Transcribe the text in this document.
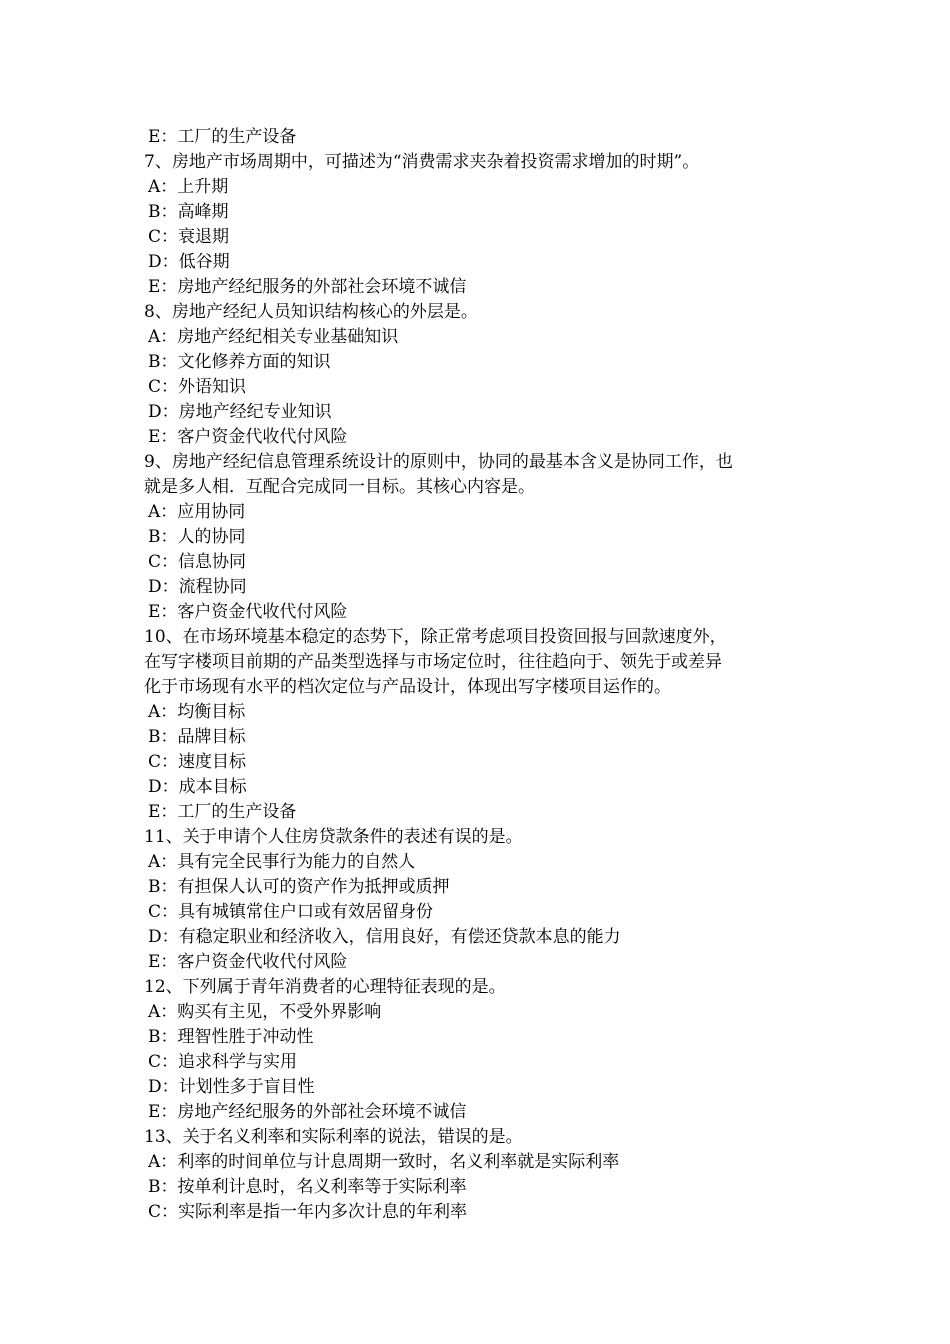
E：工厂的生产设备
7、房地产市场周期中，可描述为“消费需求夹杂着投资需求增加的时期”。
A：上升期
B：高峰期
C：衰退期
D：低谷期
E：房地产经纪服务的外部社会环境不诚信
8、房地产经纪人员知识结构核心的外层是。
A：房地产经纪相关专业基础知识
B：文化修养方面的知识
C：外语知识
D：房地产经纪专业知识
E：客户资金代收代付风险
9、房地产经纪信息管理系统设计的原则中，协同的最基本含义是协同工作，也
就是多人相．互配合完成同一目标。其核心内容是。
A：应用协同
B：人的协同
C：信息协同
D：流程协同
E：客户资金代收代付风险
10、在市场环境基本稳定的态势下，除正常考虑项目投资回报与回款速度外，
在写字楼项目前期的产品类型选择与市场定位时，往往趋向于、领先于或差异
化于市场现有水平的档次定位与产品设计，体现出写字楼项目运作的。
A：均衡目标
B：品牌目标
C：速度目标
D：成本目标
E：工厂的生产设备
11、关于申请个人住房贷款条件的表述有误的是。
A：具有完全民事行为能力的自然人
B：有担保人认可的资产作为抵押或质押
C：具有城镇常住户口或有效居留身份
D：有稳定职业和经济收入，信用良好，有偿还贷款本息的能力
E：客户资金代收代付风险
12、下列属于青年消费者的心理特征表现的是。
A：购买有主见，不受外界影响
B：理智性胜于冲动性
C：追求科学与实用
D：计划性多于盲目性
E：房地产经纪服务的外部社会环境不诚信
13、关于名义利率和实际利率的说法，错误的是。
A：利率的时间单位与计息周期一致时，名义利率就是实际利率
B：按单利计息时，名义利率等于实际利率
C：实际利率是指一年内多次计息的年利率
